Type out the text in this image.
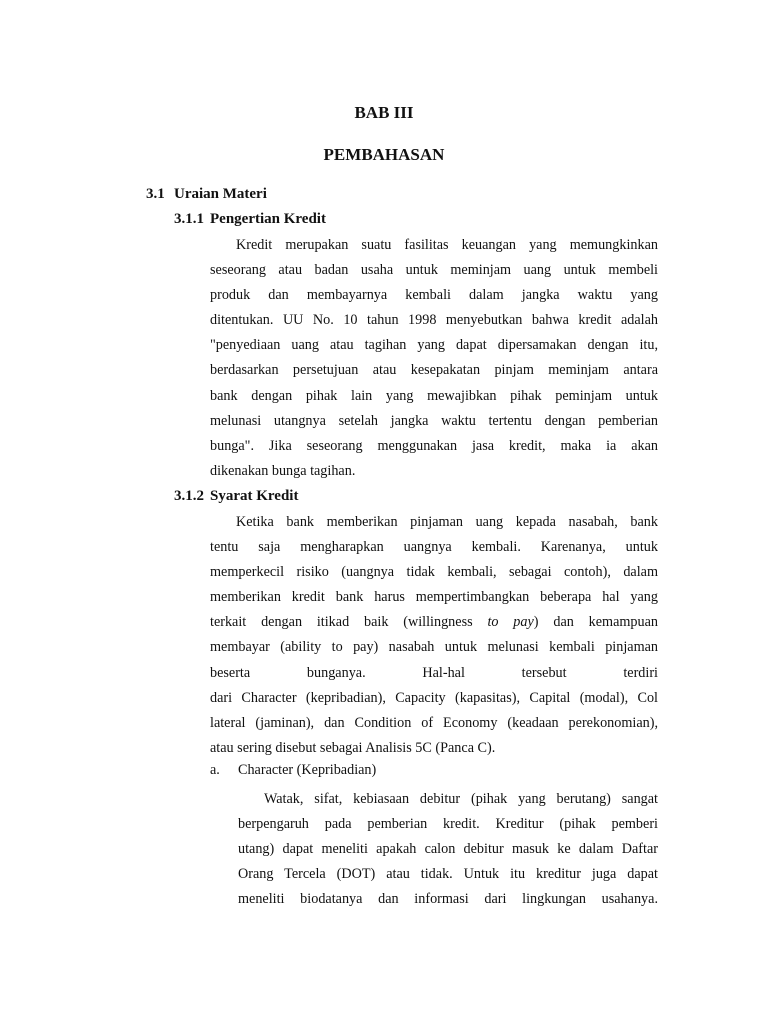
BAB III
PEMBAHASAN
3.1 Uraian Materi
3.1.1 Pengertian Kredit
Kredit merupakan suatu fasilitas keuangan yang memungkinkan
seseorang atau badan usaha untuk meminjam uang untuk membeli
produk dan membayarnya kembali dalam jangka waktu yang
ditentukan. UU No. 10 tahun 1998 menyebutkan bahwa kredit adalah
"penyediaan uang atau tagihan yang dapat dipersamakan dengan itu,
berdasarkan persetujuan atau kesepakatan pinjam meminjam antara
bank dengan pihak lain yang mewajibkan pihak peminjam untuk
melunasi utangnya setelah jangka waktu tertentu dengan pemberian
bunga". Jika seseorang menggunakan jasa kredit, maka ia akan
dikenakan bunga tagihan.
3.1.2 Syarat Kredit
Ketika bank memberikan pinjaman uang kepada nasabah, bank
tentu saja mengharapkan uangnya kembali. Karenanya, untuk
memperkecil risiko (uangnya tidak kembali, sebagai contoh), dalam
memberikan kredit bank harus mempertimbangkan beberapa hal yang
terkait dengan itikad baik (willingness to pay) dan kemampuan
membayar (ability to pay) nasabah untuk melunasi kembali pinjaman
beserta bunganya. Hal-hal tersebut terdiri
dari Character (kepribadian), Capacity (kapasitas), Capital (modal), Col
lateral (jaminan), dan Condition of Economy (keadaan perekonomian),
atau sering disebut sebagai Analisis 5C (Panca C).
a. Character (Kepribadian)
Watak, sifat, kebiasaan debitur (pihak yang berutang) sangat
berpengaruh pada pemberian kredit. Kreditur (pihak pemberi
utang) dapat meneliti apakah calon debitur masuk ke dalam Daftar
Orang Tercela (DOT) atau tidak. Untuk itu kreditur juga dapat
meneliti biodatanya dan informasi dari lingkungan usahanya.
